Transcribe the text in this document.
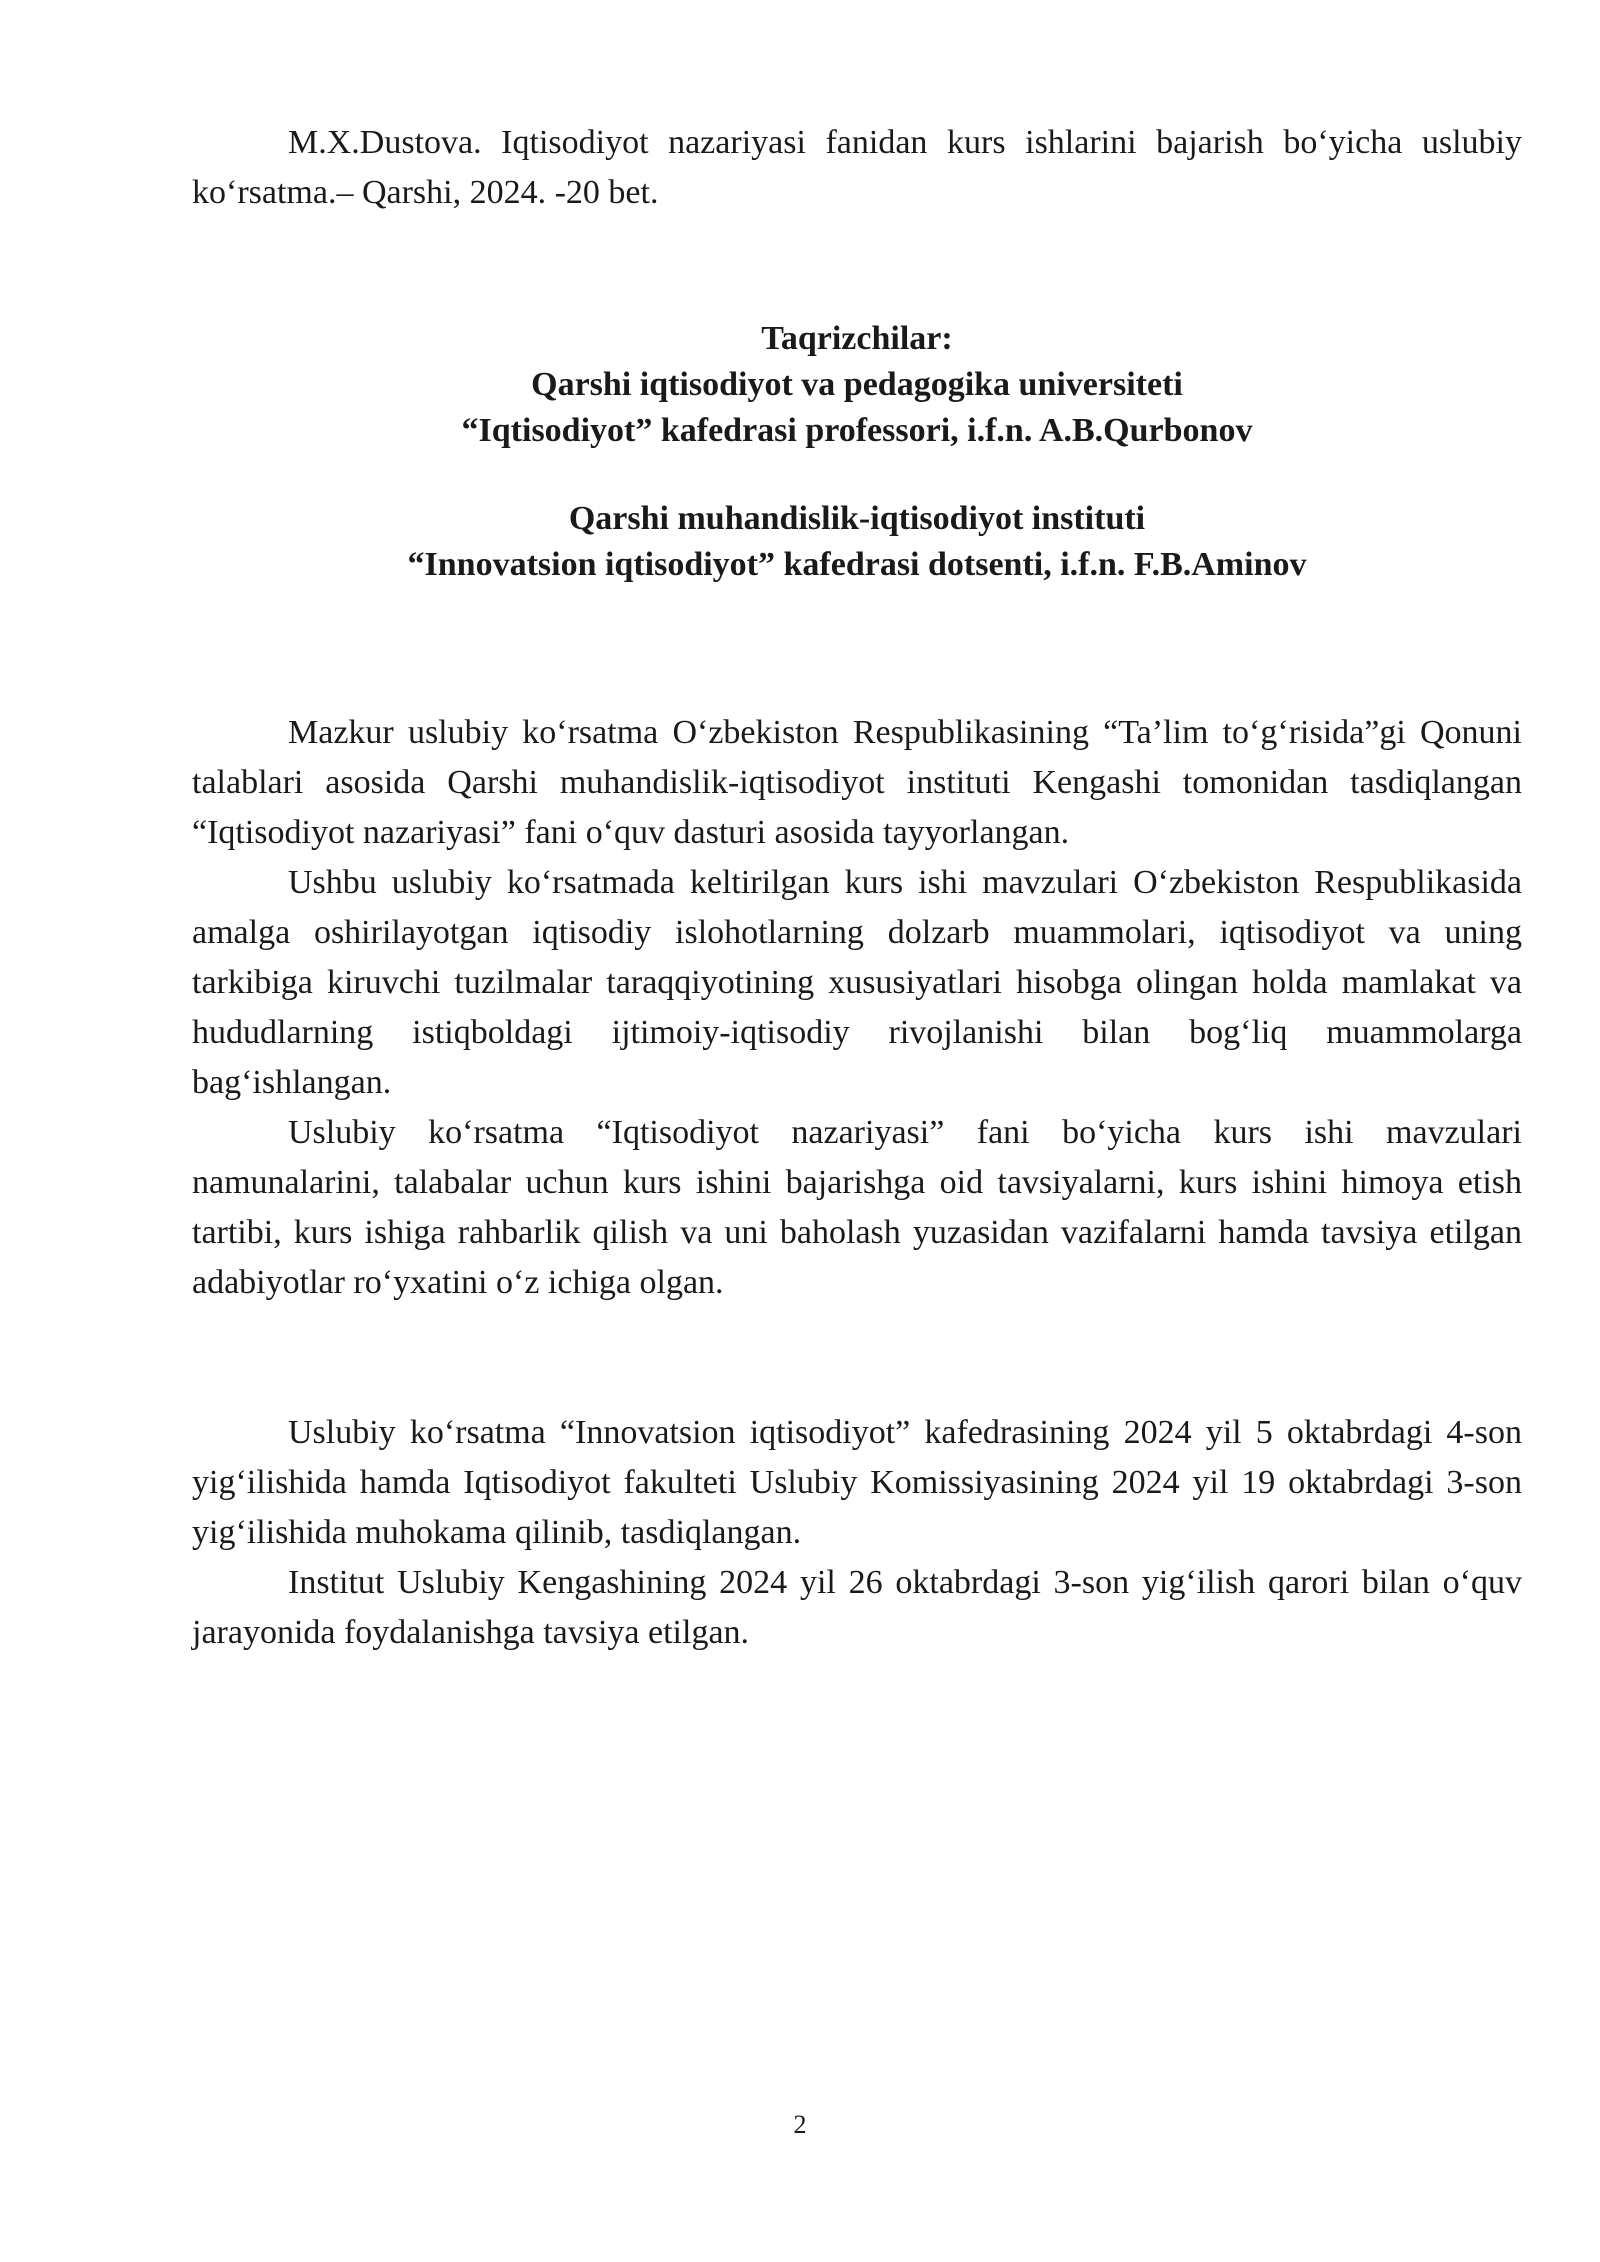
M.X.Dustova. Iqtisodiyot nazariyasi fanidan kurs ishlarini bajarish bo‘yicha uslubiy ko‘rsatma.– Qarshi, 2024. -20 bet.

Taqrizchilar:
Qarshi iqtisodiyot va pedagogika universiteti
“Iqtisodiyot” kafedrasi professori, i.f.n. A.B.Qurbonov
Qarshi muhandislik-iqtisodiyot instituti
“Innovatsion iqtisodiyot” kafedrasi dotsenti, i.f.n. F.B.Aminov

Mazkur uslubiy ko‘rsatma O‘zbekiston Respublikasining “Ta’lim to‘g‘risida”gi Qonuni talablari asosida Qarshi muhandislik-iqtisodiyot instituti Kengashi tomonidan tasdiqlangan “Iqtisodiyot nazariyasi” fani o‘quv dasturi asosida tayyorlangan.

Ushbu uslubiy ko‘rsatmada keltirilgan kurs ishi mavzulari O‘zbekiston Respublikasida amalga oshirilayotgan iqtisodiy islohotlarning dolzarb muammolari, iqtisodiyot va uning tarkibiga kiruvchi tuzilmalar taraqqiyotining xususiyatlari hisobga olingan holda mamlakat va hududlarning istiqboldagi ijtimoiy-iqtisodiy rivojlanishi bilan bog‘liq muammolarga bag‘ishlangan.

Uslubiy ko‘rsatma “Iqtisodiyot nazariyasi” fani bo‘yicha kurs ishi mavzulari namunalarini, talabalar uchun kurs ishini bajarishga oid tavsiyalarni, kurs ishini himoya etish tartibi, kurs ishiga rahbarlik qilish va uni baholash yuzasidan vazifalarni hamda tavsiya etilgan adabiyotlar ro‘yxatini o‘z ichiga olgan.

Uslubiy ko‘rsatma “Innovatsion iqtisodiyot” kafedrasining 2024 yil 5 oktabrdagi 4-son yig‘ilishida hamda Iqtisodiyot fakulteti Uslubiy Komissiyasining 2024 yil 19 oktabrdagi 3-son yig‘ilishida muhokama qilinib, tasdiqlangan.

Institut Uslubiy Kengashining 2024 yil 26 oktabrdagi 3-son yig‘ilish qarori bilan o‘quv jarayonida foydalanishga tavsiya etilgan.

2
